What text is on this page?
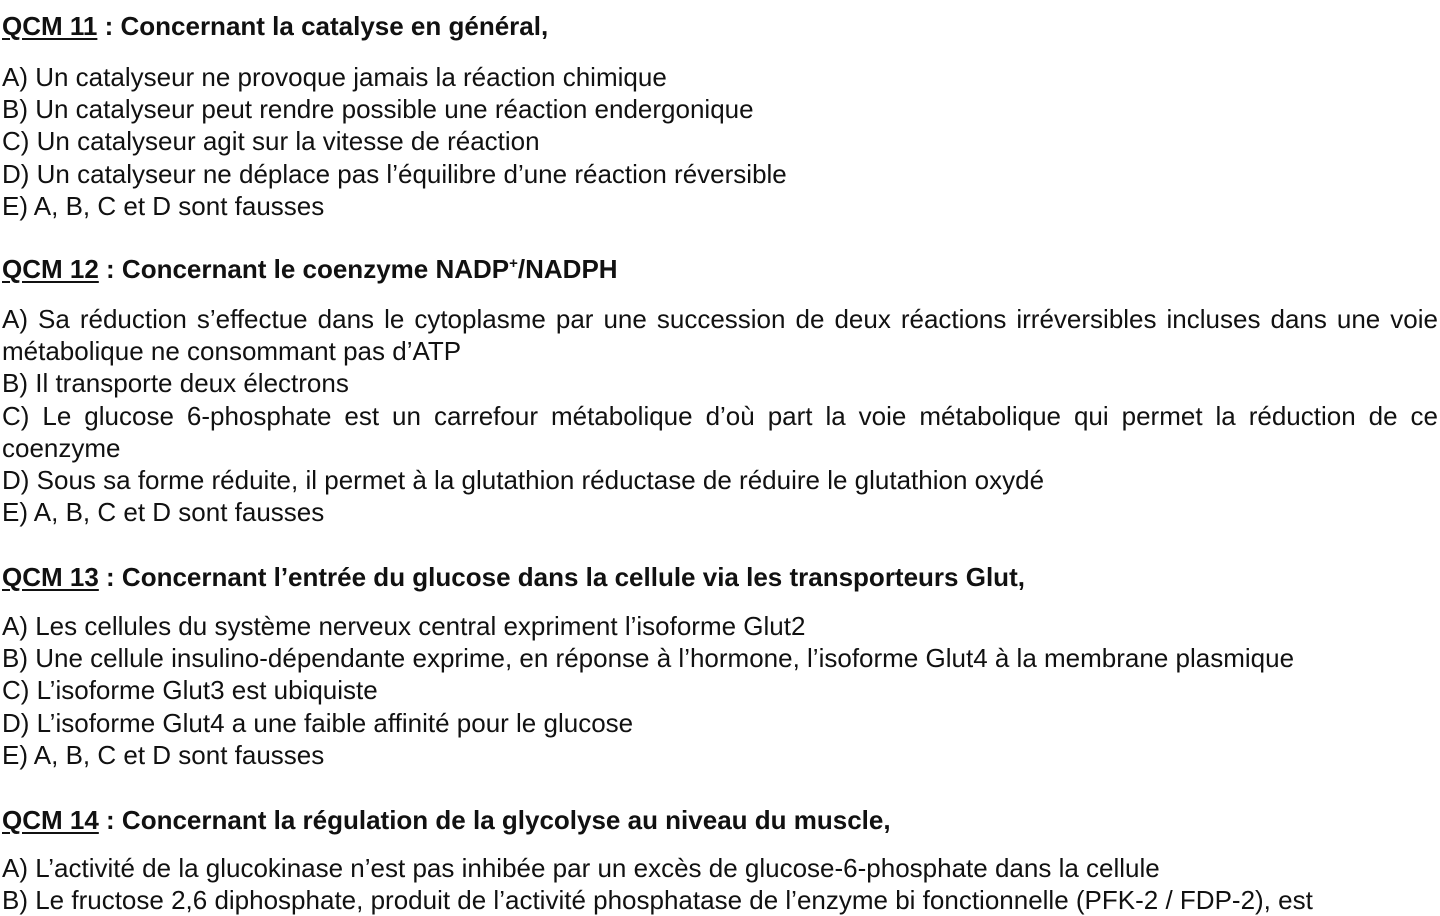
QCM 11 : Concernant la catalyse en général,

A) Un catalyseur ne provoque jamais la réaction chimique

B) Un catalyseur peut rendre possible une réaction endergonique

C) Un catalyseur agit sur la vitesse de réaction

D) Un catalyseur ne déplace pas l’équilibre d’une réaction réversible

E) A, B, C et D sont fausses

QCM 12 : Concernant le coenzyme NADP+/NADPH

A) Sa réduction s’effectue dans le cytoplasme par une succession de deux réactions irréversibles incluses dans une voie métabolique ne consommant pas d’ATP

B) Il transporte deux électrons

C) Le glucose 6-phosphate est un carrefour métabolique d’où part la voie métabolique qui permet la réduction de ce coenzyme

D) Sous sa forme réduite, il permet à la glutathion réductase de réduire le glutathion oxydé

E) A, B, C et D sont fausses

QCM 13 : Concernant l’entrée du glucose dans la cellule via les transporteurs Glut,

A) Les cellules du système nerveux central expriment l’isoforme Glut2

B) Une cellule insulino-dépendante exprime, en réponse à l’hormone, l’isoforme Glut4 à la membrane plasmique

C) L’isoforme Glut3 est ubiquiste

D) L’isoforme Glut4 a une faible affinité pour le glucose

E) A, B, C et D sont fausses

QCM 14 : Concernant la régulation de la glycolyse au niveau du muscle,

A) L’activité de la glucokinase n’est pas inhibée par un excès de glucose-6-phosphate dans la cellule

B) Le fructose 2,6 diphosphate, produit de l’activité phosphatase de l’enzyme bi fonctionnelle (PFK-2 / FDP-2), est
